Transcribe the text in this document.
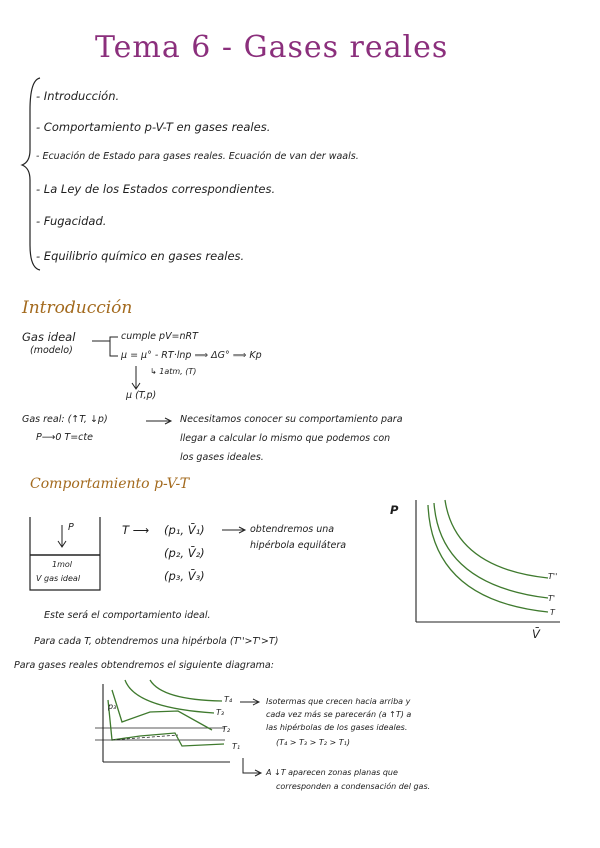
Tema 6 - Gases reales
- Introducción.
- Comportamiento p-V-T en gases reales.
- Ecuación de Estado para gases reales. Ecuación de van der waals.
- La Ley de los Estados correspondientes.
- Fugacidad.
- Equilibrio químico en gases reales.
Introducción
Gas ideal
(modelo)
cumple pV=nRT
μ = μ° - RT·lnp ⟹ ΔG° ⟹ Kp
↳ 1atm, (T)
μ (T,p)
Gas real: (↑T, ↓p)
P⟶0 T=cte
Necesitamos conocer su comportamiento para
llegar a calcular lo mismo que podemos con
los gases ideales.
Comportamiento p-V-T
P
1mol
V gas ideal
T ⟶ (p₁, V̄₁)
(p₂, V̄₂)
(p₃, V̄₃)
obtendremos una
hipérbola equilátera
Este será el comportamiento ideal.
Para cada T, obtendremos una hipérbola (T''>T'>T)
Para gases reales obtendremos el siguiente diagrama:
P
V̄
T''
T'
T
T₄
T₃
T₂
T₁
p₃
Isotermas que crecen hacia arriba y
cada vez más se parecerán (a ↑T) a
las hipérbolas de los gases ideales.
(T₄ > T₃ > T₂ > T₁)
A ↓T aparecen zonas planas que
corresponden a condensación del gas.
